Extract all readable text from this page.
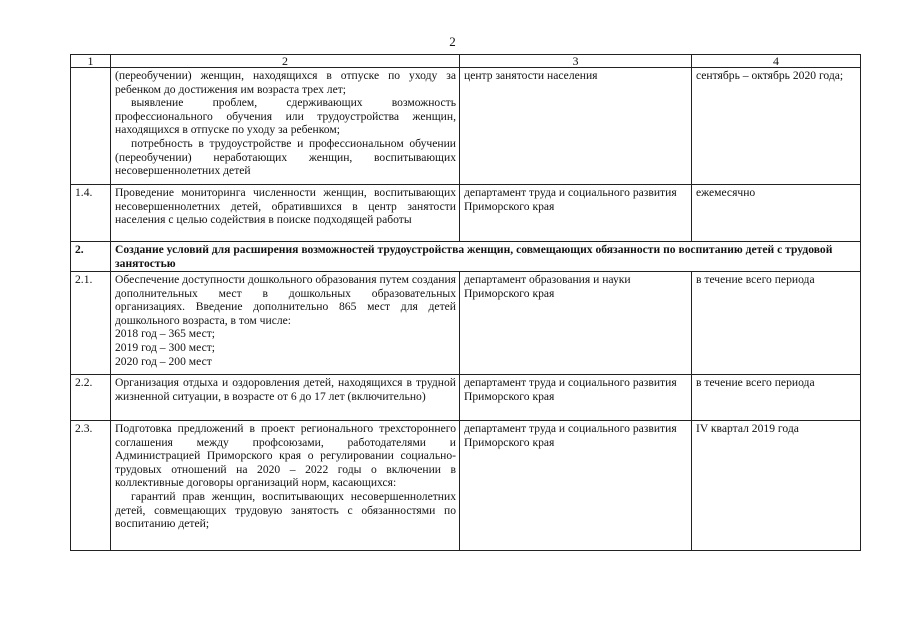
2
1	2	3	4

	(переобучении) женщин, находящихся в отпуске по уходу за ребенком до достижения им возраста трех лет;
выявление проблем, сдерживающих возможность профессионального обучения или трудоустройства женщин, находящихся в отпуске по уходу за ребенком;
потребность в трудоустройстве и профессиональном обучении (переобучении) неработающих женщин, воспитывающих несовершеннолетних детей	центр занятости населения	сентябрь – октябрь 2020 года;
1.4.	Проведение мониторинга численности женщин, воспитывающих несовершеннолетних детей, обратившихся в центр занятости населения с целью содействия в поиске подходящей работы	департамент труда и социального развития Приморского края	ежемесячно
2.	Создание условий для расширения возможностей трудоустройства женщин, совмещающих обязанности по воспитанию детей с трудовой занятостью		
2.1.	Обеспечение доступности дошкольного образования путем создания дополнительных мест в дошкольных образовательных организациях. Введение дополнительно 865 мест для детей дошкольного возраста, в том числе:
2018 год – 365 мест;
2019 год – 300 мест;
2020 год – 200 мест	департамент образования и науки Приморского края	в течение всего периода
2.2.	Организация отдыха и оздоровления детей, находящихся в трудной жизненной ситуации, в возрасте от 6 до 17 лет (включительно)	департамент труда и социального развития Приморского края	в течение всего периода
2.3.	Подготовка предложений в проект регионального трехстороннего соглашения между профсоюзами, работодателями и Администрацией Приморского края о регулировании социально-трудовых отношений на 2020 – 2022 годы о включении в коллективные договоры организаций норм, касающихся:
гарантий прав женщин, воспитывающих несовершеннолетних детей, совмещающих трудовую занятость с обязанностями по воспитанию детей;	департамент труда и социального развития Приморского края	IV квартал 2019 года
